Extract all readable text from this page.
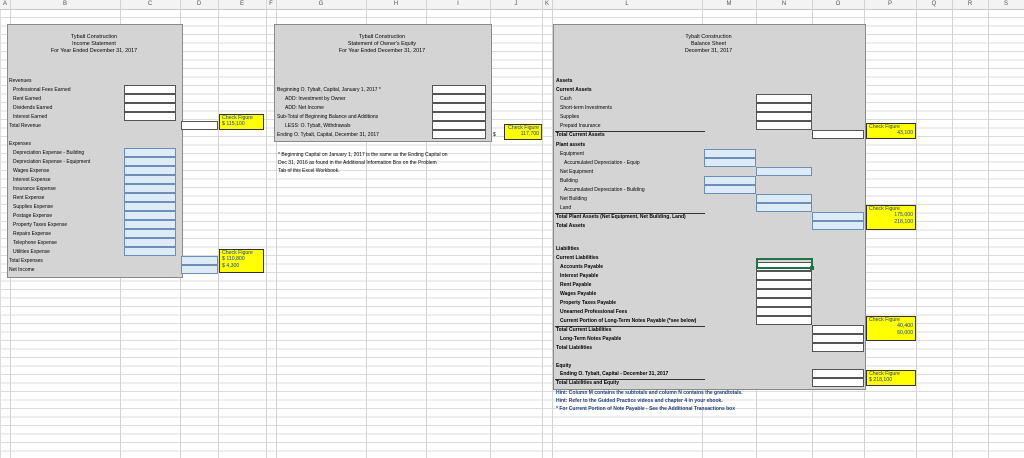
A	B	C	D	E	F	G	H	I	J	K	L	M	N	O	P	Q	R	S
Tybalt Construction
Income Statement
For Year Ended December 31, 2017
Revenues
Professional Fees Earned
Rent Earned
Dividends Earned
Interest Earned
Total Revenue
Check Figure
$ 115,100
Expenses
Depreciation Expense - Building
Depreciation Expense - Equipment
Wages Expense
Interest Expense
Insurance Expense
Rent Expense
Supplies Expense
Postage Expense
Property Taxes Expense
Repairs Expense
Telephone Expense
Utilities Expense
Total Expenses
Net Income
Check Figure
$ 110,800
$ 4,300
Tybalt Construction
Statement of Owner's Equity
For Year Ended December 31, 2017
Beginning O. Tybalt, Capital, January 1, 2017 *
ADD: Investment by Owner
ADD: Net Income
Sub-Total of Beginning Balance and Additions
LESS: O. Tybalt, Withdrawals
Ending O. Tybalt, Capital, December 31, 2017	$
Check Figure
117,700
* Beginning Capital on January 1, 2017 is the same as the Ending Capital on
Dec 31, 2016 as found in the Additional Information Box on the Problem
Tab of this Excel Workbook.
Tybalt Construction
Balance Sheet
December 31, 2017
Assets
Current Assets
Cash
Short-term Investments
Supplies
Prepaid Insurance
Total Current Assets
Check Figure
43,100
Plant assets
Equipment
Accumulated Depreciation - Equip
Net Equipment
Building
Accumulated Depreciation - Building
Net Building
Land
Total Plant Assets (Net Equipment, Net Building, Land)
Total Assets
Check Figure
175,000
218,100
Liabilities
Current Liabilities
Accounts Payable
Interest Payable
Rent Payable
Wages Payable
Property Taxes Payable
Unearned Professional Fees
Current Portion of Long-Term Notes Payable (*see below)
Total Current Liabilities
Long-Term Notes Payable
Total Liabilities
Check Figure
40,400
60,000
Equity
Ending O. Tybalt, Capital - December 31, 2017
Total Liabilities and Equity
Check Figure
$ 218,100
Hint: Column M contains the subtotals and column N contains the grandtotals.
Hint: Refer to the Guided Practice videos and chapter 4 in your ebook.
* For Current Portion of Note Payable - See the Additional Transactions box
